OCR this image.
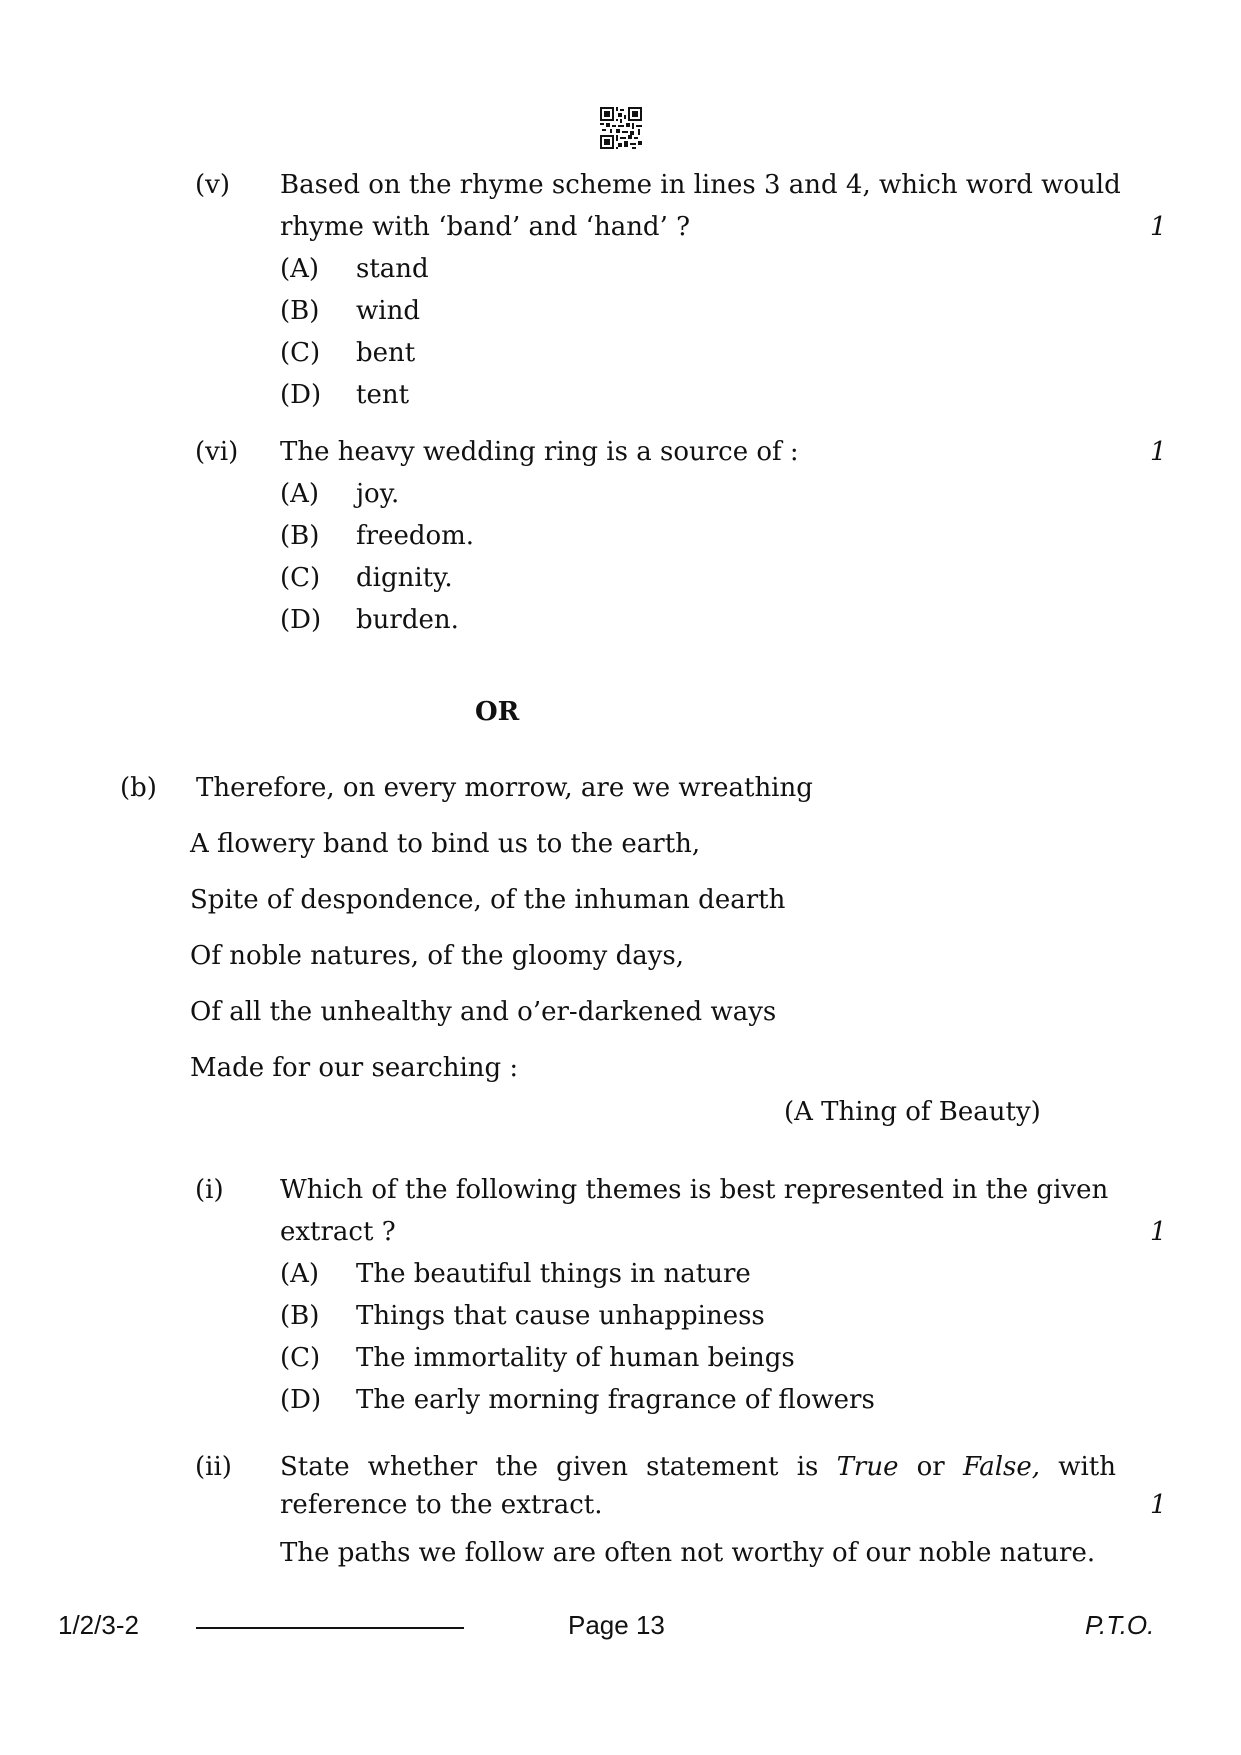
(v) Based on the rhyme scheme in lines 3 and 4, which word would
rhyme with ‘band’ and ‘hand’ ?	1
(A) stand
(B) wind
(C) bent
(D) tent
(vi) The heavy wedding ring is a source of :	1
(A) joy.
(B) freedom.
(C) dignity.
(D) burden.
OR
(b) Therefore, on every morrow, are we wreathing
A flowery band to bind us to the earth,
Spite of despondence, of the inhuman dearth
Of noble natures, of the gloomy days,
Of all the unhealthy and o’er-darkened ways
Made for our searching :
(A Thing of Beauty)
(i) Which of the following themes is best represented in the given
extract ?	1
(A) The beautiful things in nature
(B) Things that cause unhappiness
(C) The immortality of human beings
(D) The early morning fragrance of flowers
(ii) State whether the given statement is True or False, with
reference to the extract.	1
The paths we follow are often not worthy of our noble nature.
1/2/3-2	Page 13	P.T.O.
